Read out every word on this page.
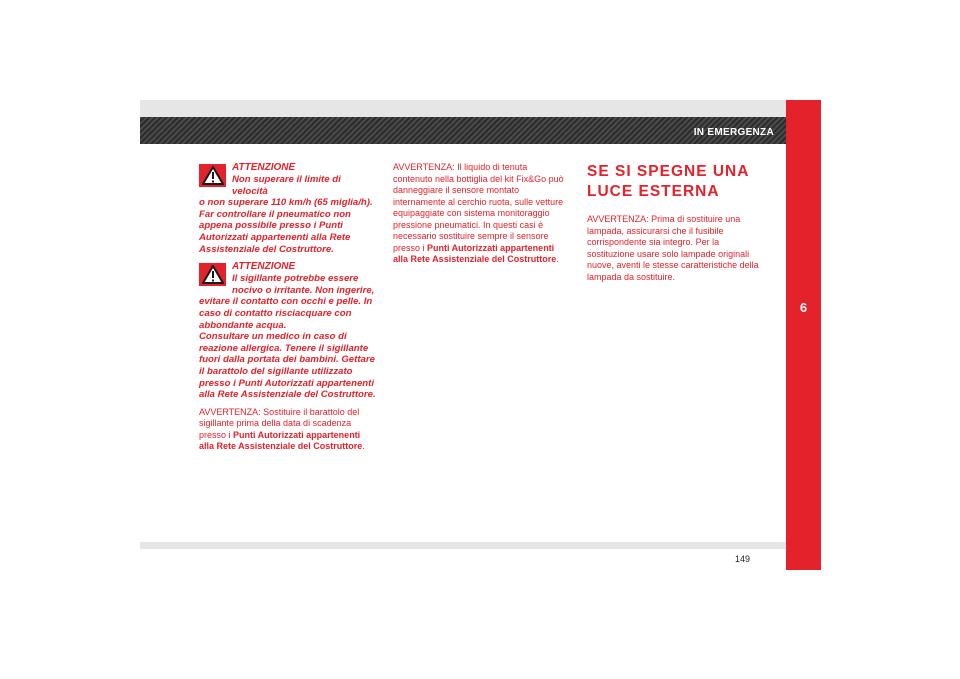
IN EMERGENZA
6
ATTENZIONE
Non superare il limite di velocità
o non superare 110 km/h (65 miglia/h). Far controllare il pneumatico non appena possibile presso i Punti Autorizzati appartenenti alla Rete Assistenziale del Costruttore.
ATTENZIONE
Il sigillante potrebbe essere
nocivo o irritante. Non ingerire, evitare il contatto con occhi e pelle. In caso di contatto risciacquare con abbondante acqua.
Consultare un medico in caso di reazione allergica. Tenere il sigillante fuori dalla portata dei bambini. Gettare il barattolo del sigillante utilizzato presso i Punti Autorizzati appartenenti alla Rete Assistenziale del Costruttore.

AVVERTENZA: Sostituire il barattolo del sigillante prima della data di scadenza presso i Punti Autorizzati appartenenti alla Rete Assistenziale del Costruttore.

AVVERTENZA: Il liquido di tenuta contenuto nella bottiglia del kit Fix&Go può danneggiare il sensore montato internamente al cerchio ruota, sulle vetture equipaggiate con sistema monitoraggio pressione pneumatici. In questi casi è necessario sostituire sempre il sensore presso i Punti Autorizzati appartenenti alla Rete Assistenziale del Costruttore.

SE SI SPEGNE UNA LUCE ESTERNA

AVVERTENZA: Prima di sostituire una lampada, assicurarsi che il fusibile corrispondente sia integro. Per la sostituzione usare solo lampade originali nuove, aventi le stesse caratteristiche della lampada da sostituire.

149
